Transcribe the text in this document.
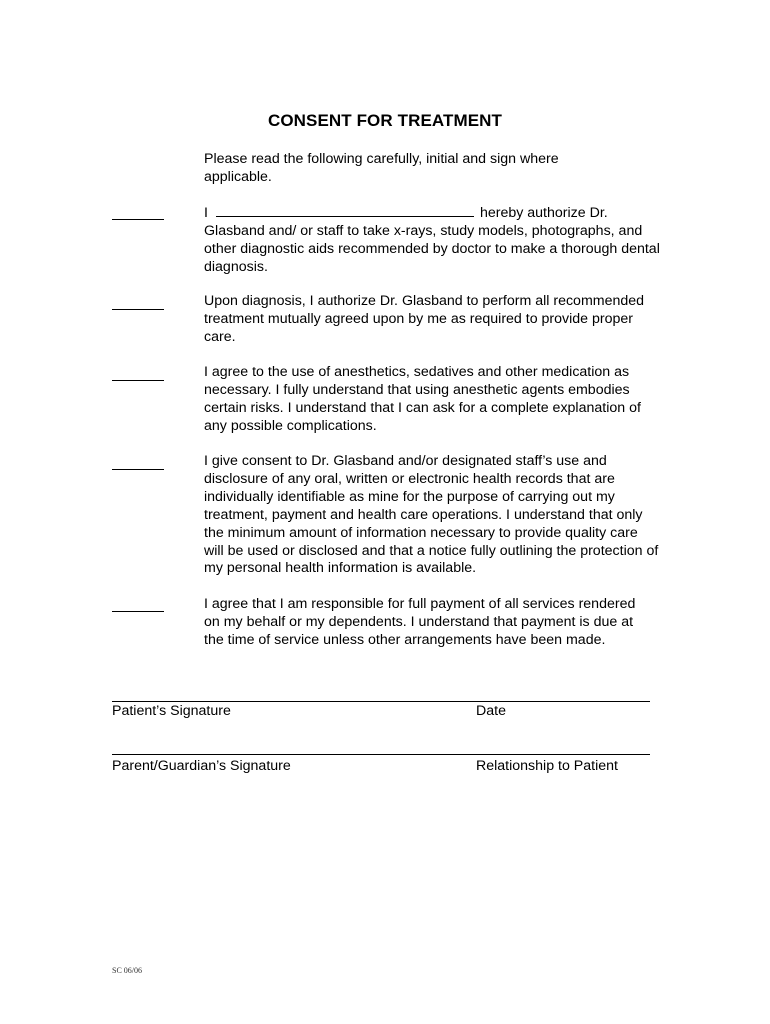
CONSENT FOR TREATMENT
Please read the following carefully, initial and sign where applicable.
I	hereby authorize Dr. Glasband and/ or staff to take x-rays, study models, photographs, and other diagnostic aids recommended by doctor to make a thorough dental diagnosis.
Upon diagnosis, I authorize Dr. Glasband to perform all recommended treatment mutually agreed upon by me as required to provide proper care.
I agree to the use of anesthetics, sedatives and other medication as necessary. I fully understand that using anesthetic agents embodies certain risks. I understand that I can ask for a complete explanation of any possible complications.
I give consent to Dr. Glasband and/or designated staff’s use and disclosure of any oral, written or electronic health records that are individually identifiable as mine for the purpose of carrying out my treatment, payment and health care operations. I understand that only the minimum amount of information necessary to provide quality care will be used or disclosed and that a notice fully outlining the protection of my personal health information is available.
I agree that I am responsible for full payment of all services rendered on my behalf or my dependents. I understand that payment is due at the time of service unless other arrangements have been made.
Patient’s Signature	Date
Parent/Guardian’s Signature	Relationship to Patient
SC 06/06
